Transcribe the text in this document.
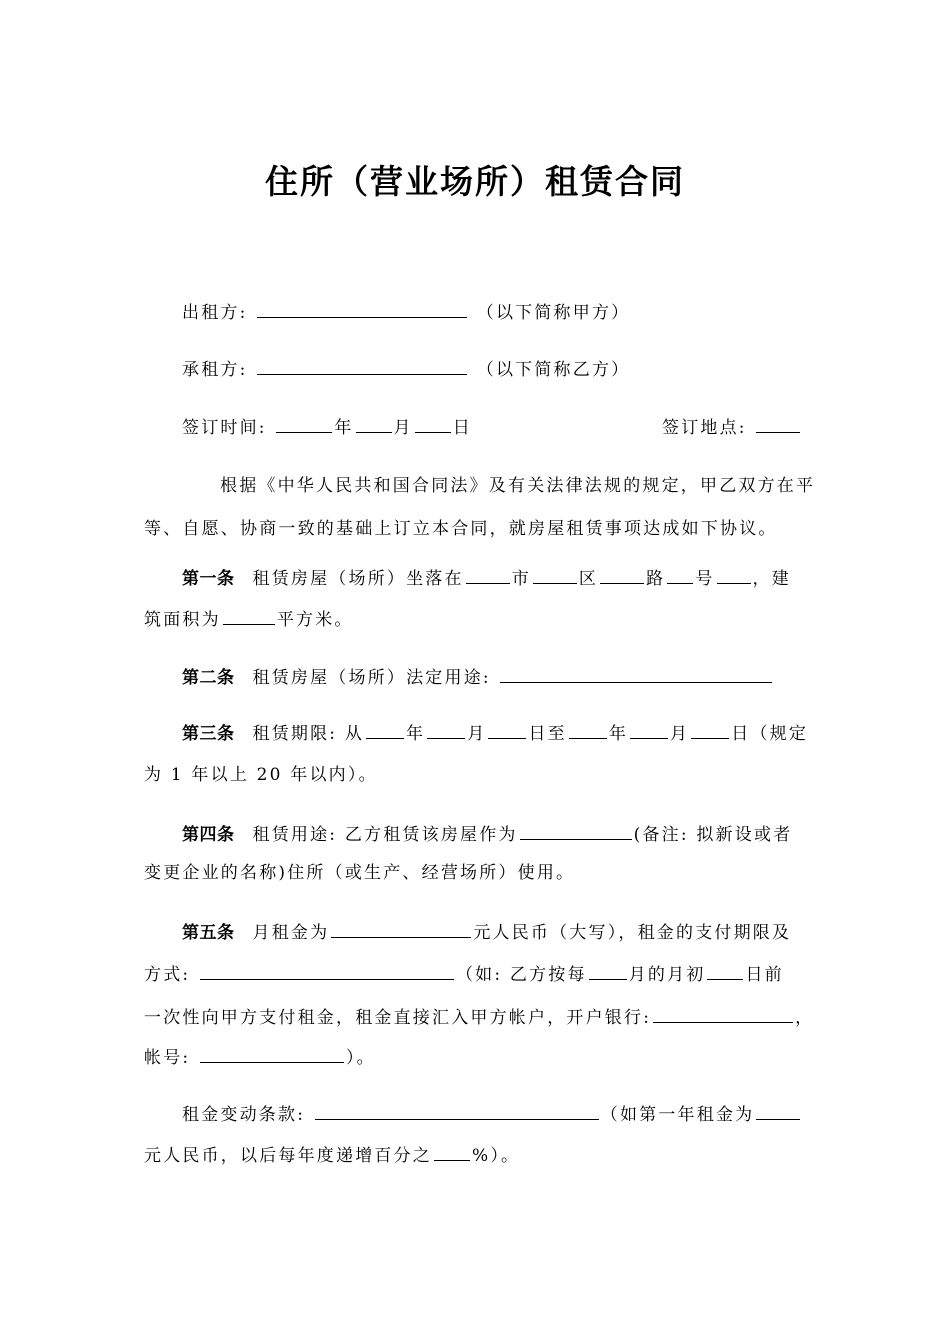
住所（营业场所）租赁合同
出租方:	（以下简称甲方）
承租方:	（以下简称乙方）
签订时间:	年 月 日	签订地点:
根据《中华人民共和国合同法》及有关法律法规的规定，甲乙双方在平
等、自愿、协商一致的基础上订立本合同，就房屋租赁事项达成如下协议。
第一条 租赁房屋（场所）坐落在	市	区	路 号 ，建
筑面积为	平方米。
第二条 租赁房屋（场所）法定用途:
第三条 租赁期限: 从 年 月 日至 年 月 日（规定
为 1 年以上 20 年以内）。
第四条 租赁用途: 乙方租赁该房屋作为	(备注: 拟新设或者
变更企业的名称)住所（或生产、经营场所）使用。
第五条 月租金为	元人民币（大写），租金的支付期限及
方式:	（如: 乙方按每 月的月初 日前
一次性向甲方支付租金，租金直接汇入甲方帐户，开户银行:	，
帐号:	）。
租金变动条款:	（如第一年租金为
元人民币，以后每年度递增百分之 %）。
